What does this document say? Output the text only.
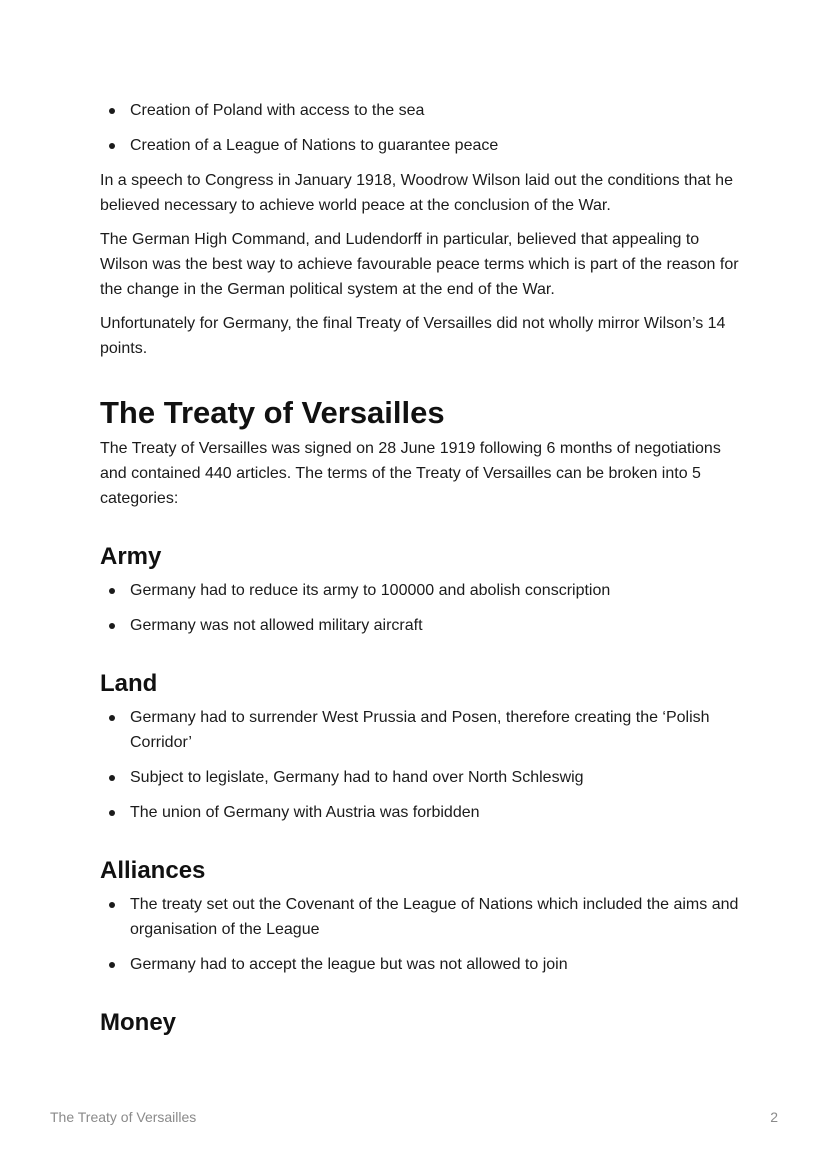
Creation of Poland with access to the sea
Creation of a League of Nations to guarantee peace

In a speech to Congress in January 1918, Woodrow Wilson laid out the conditions that he believed necessary to achieve world peace at the conclusion of the War.

The German High Command, and Ludendorff in particular, believed that appealing to Wilson was the best way to achieve favourable peace terms which is part of the reason for the change in the German political system at the end of the War.

Unfortunately for Germany, the final Treaty of Versailles did not wholly mirror Wilson’s 14 points.

The Treaty of Versailles

The Treaty of Versailles was signed on 28 June 1919 following 6 months of negotiations and contained 440 articles. The terms of the Treaty of Versailles can be broken into 5 categories:

Army
Germany had to reduce its army to 100000 and abolish conscription
Germany was not allowed military aircraft
Land
Germany had to surrender West Prussia and Posen, therefore creating the ‘Polish Corridor’
Subject to legislate, Germany had to hand over North Schleswig
The union of Germany with Austria was forbidden
Alliances
The treaty set out the Covenant of the League of Nations which included the aims and organisation of the League
Germany had to accept the league but was not allowed to join
Money
The Treaty of Versailles	2
